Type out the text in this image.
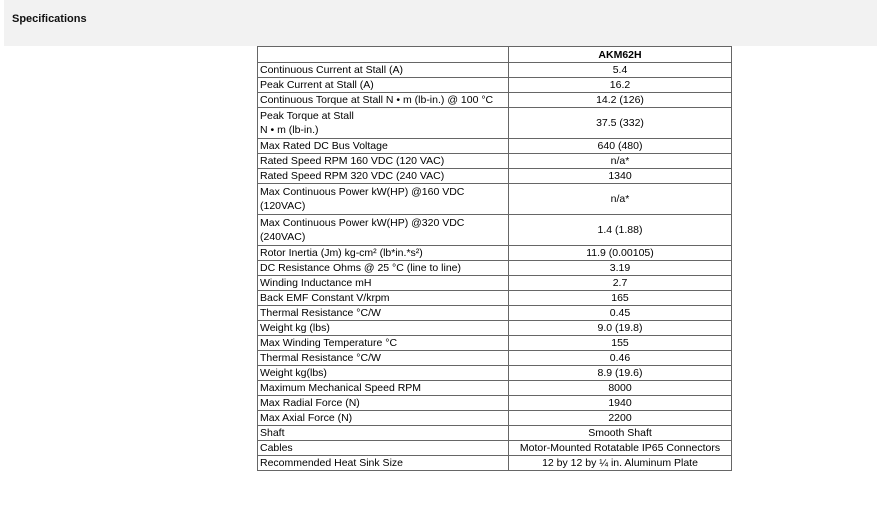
Specifications
	AKM62H
Continuous Current at Stall (A)	5.4
Peak Current at Stall (A)	16.2
Continuous Torque at Stall N • m (lb-in.) @ 100 °C	14.2 (126)
Peak Torque at Stall
N • m (lb-in.)	37.5 (332)
Max Rated DC Bus Voltage	640 (480)
Rated Speed RPM 160 VDC (120 VAC)	n/a*
Rated Speed RPM 320 VDC (240 VAC)	1340
Max Continuous Power kW(HP) @160 VDC
(120VAC)	n/a*
Max Continuous Power kW(HP) @320 VDC
(240VAC)	1.4 (1.88)
Rotor Inertia (Jm) kg-cm² (lb*in.*s²)	11.9 (0.00105)
DC Resistance Ohms @ 25 °C (line to line)	3.19
Winding Inductance mH	2.7
Back EMF Constant V/krpm	165
Thermal Resistance °C/W	0.45
Weight kg (lbs)	9.0 (19.8)
Max Winding Temperature °C	155
Thermal Resistance °C/W	0.46
Weight kg(lbs)	8.9 (19.6)
Maximum Mechanical Speed RPM	8000
Max Radial Force (N)	1940
Max Axial Force (N)	2200
Shaft	Smooth Shaft
Cables	Motor-Mounted Rotatable IP65 Connectors
Recommended Heat Sink Size	12 by 12 by ¼ in. Aluminum Plate
